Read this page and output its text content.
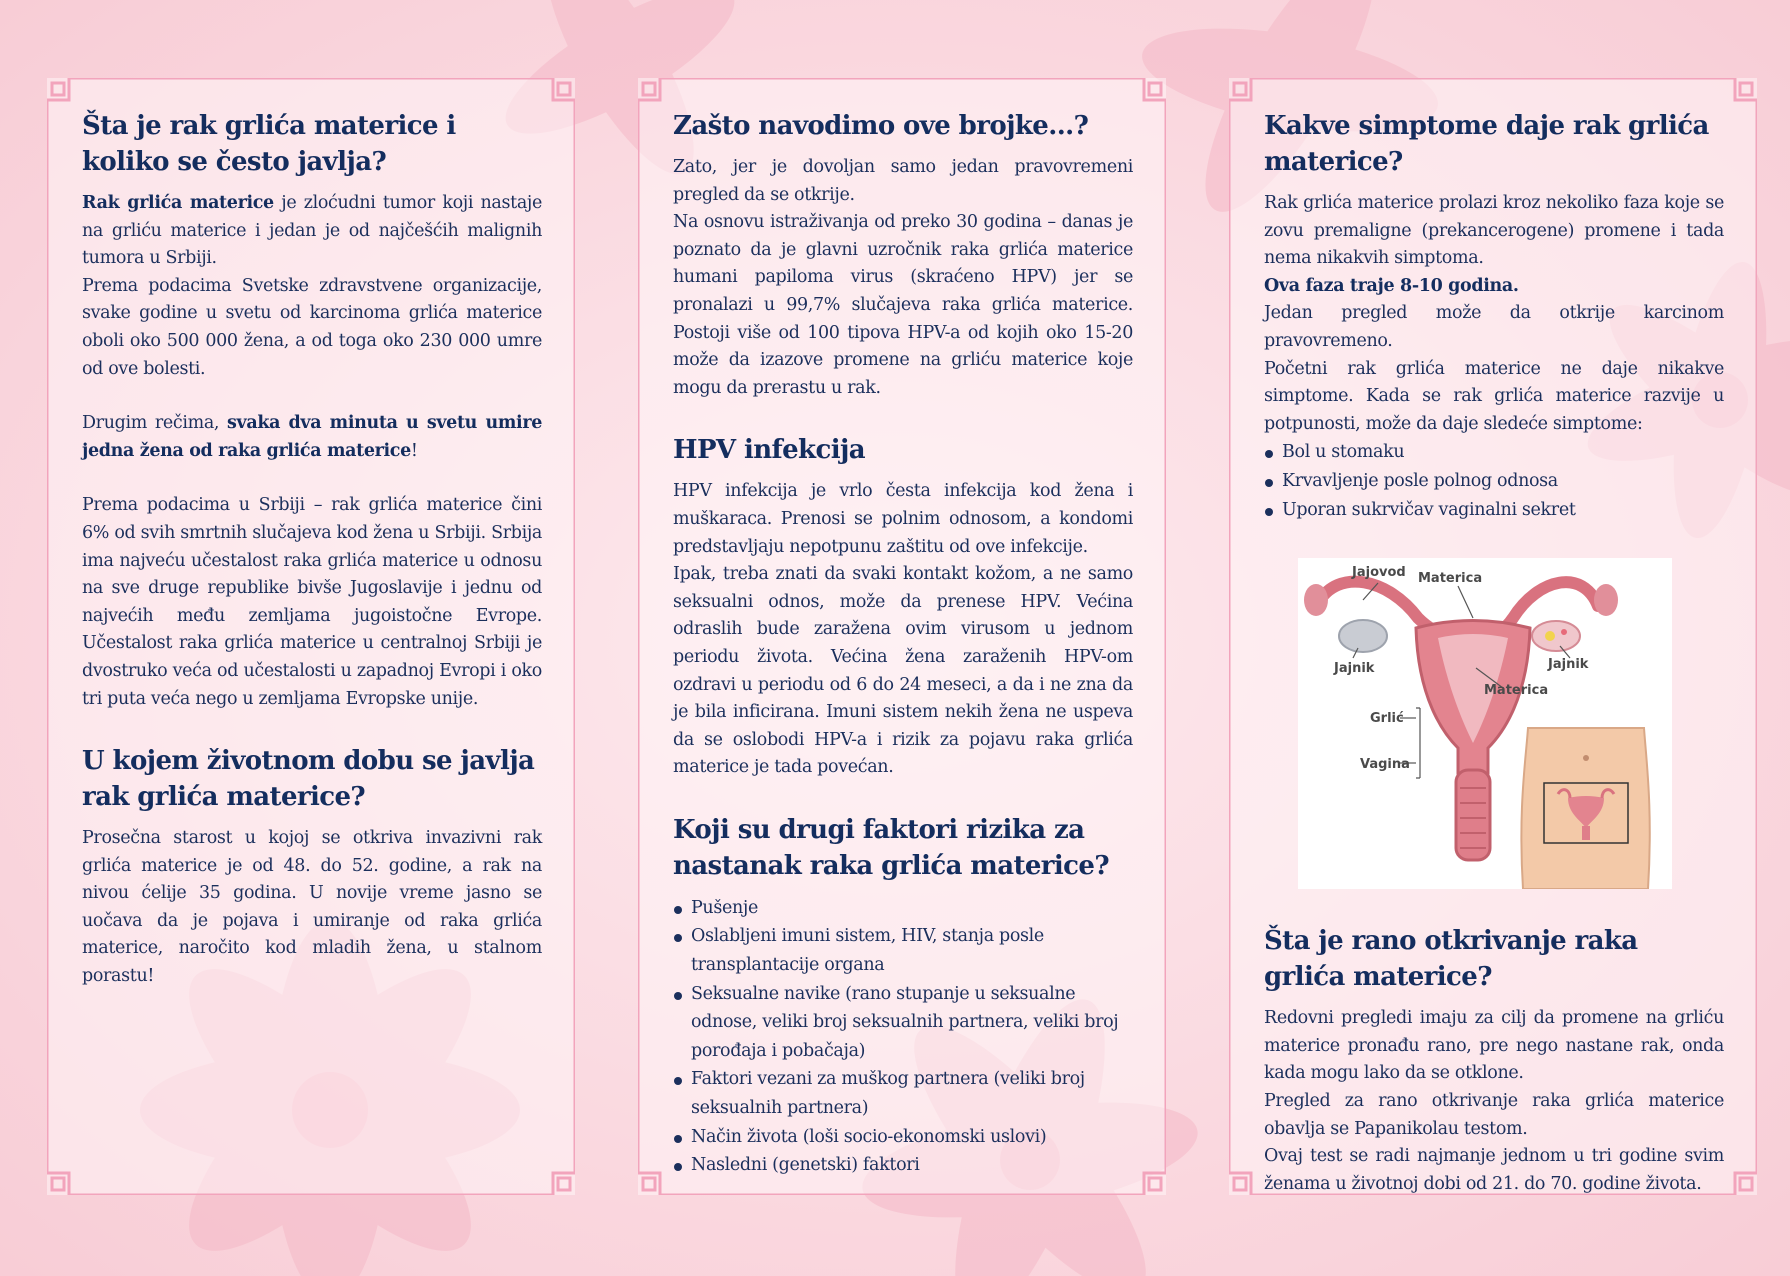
Šta je rak grlića materice i koliko se često javlja?

Rak grlića materice je zloćudni tumor koji nastaje na grliću materice i jedan je od najčešćih malignih tumora u Srbiji.

Prema podacima Svetske zdravstvene organizacije, svake godine u svetu od karcinoma grlića materice oboli oko 500 000 žena, a od toga oko 230 000 umre od ove bolesti.

Drugim rečima, svaka dva minuta u svetu umire jedna žena od raka grlića materice!

Prema podacima u Srbiji – rak grlića materice čini 6% od svih smrtnih slučajeva kod žena u Srbiji. Srbija ima najveću učestalost raka grlića materice u odnosu na sve druge republike bivše Jugoslavije i jednu od najvećih među zemljama jugoistočne Evrope. Učestalost raka grlića materice u centralnoj Srbiji je dvostruko veća od učestalosti u zapadnoj Evropi i oko tri puta veća nego u zemljama Evropske unije.

U kojem životnom dobu se javlja rak grlića materice?

Prosečna starost u kojoj se otkriva invazivni rak grlića materice je od 48. do 52. godine, a rak na nivou ćelije 35 godina. U novije vreme jasno se uočava da je pojava i umiranje od raka grlića materice, naročito kod mladih žena, u stalnom porastu!

Zašto navodimo ove brojke...?

Zato, jer je dovoljan samo jedan pravovremeni pregled da se otkrije.

Na osnovu istraživanja od preko 30 godina – danas je poznato da je glavni uzročnik raka grlića materice humani papiloma virus (skraćeno HPV) jer se pronalazi u 99,7% slučajeva raka grlića materice. Postoji više od 100 tipova HPV-a od kojih oko 15-20 može da izazove promene na grliću materice koje mogu da prerastu u rak.

HPV infekcija

HPV infekcija je vrlo česta infekcija kod žena i muškaraca. Prenosi se polnim odnosom, a kondomi predstavljaju nepotpunu zaštitu od ove infekcije.

Ipak, treba znati da svaki kontakt kožom, a ne samo seksualni odnos, može da prenese HPV. Većina odraslih bude zaražena ovim virusom u jednom periodu života. Većina žena zaraženih HPV-om ozdravi u periodu od 6 do 24 meseci, a da i ne zna da je bila inficirana. Imuni sistem nekih žena ne uspeva da se oslobodi HPV-a i rizik za pojavu raka grlića materice je tada povećan.

Koji su drugi faktori rizika za nastanak raka grlića materice?
Pušenje
Oslabljeni imuni sistem, HIV, stanja posle transplantacije organa
Seksualne navike (rano stupanje u seksualne odnose, veliki broj seksualnih partnera, veliki broj porođaja i pobačaja)
Faktori vezani za muškog partnera (veliki broj seksualnih partnera)
Način života (loši socio-ekonomski uslovi)
Naslednі (genetski) faktori
Kakve simptome daje rak grlića materice?

Rak grlića materice prolazi kroz nekoliko faza koje se zovu premaligne (prekancerogene) promene i tada nema nikakvih simptoma.

Ova faza traje 8-10 godina.

Jedan pregled može da otkrije karcinom pravovremeno.

Početni rak grlića materice ne daje nikakve simptome. Kada se rak grlića materice razvije u potpunosti, može da daje sledeće simptome:

Bol u stomaku
Krvavljenje posle polnog odnosa
Uporan sukrvičav vaginalni sekret
Jajovod Materica
Jajnik	Jajnik
Materica
Grlić
Vagina
Šta je rano otkrivanje raka grlića materice?

Redovni pregledi imaju za cilj da promene na grliću materice pronađu rano, pre nego nastane rak, onda kada mogu lako da se otklone.

Pregled za rano otkrivanje raka grlića materice obavlja se Papanikolau testom.

Ovaj test se radi najmanje jednom u tri godine svim ženama u životnoj dobi od 21. do 70. godine života.
